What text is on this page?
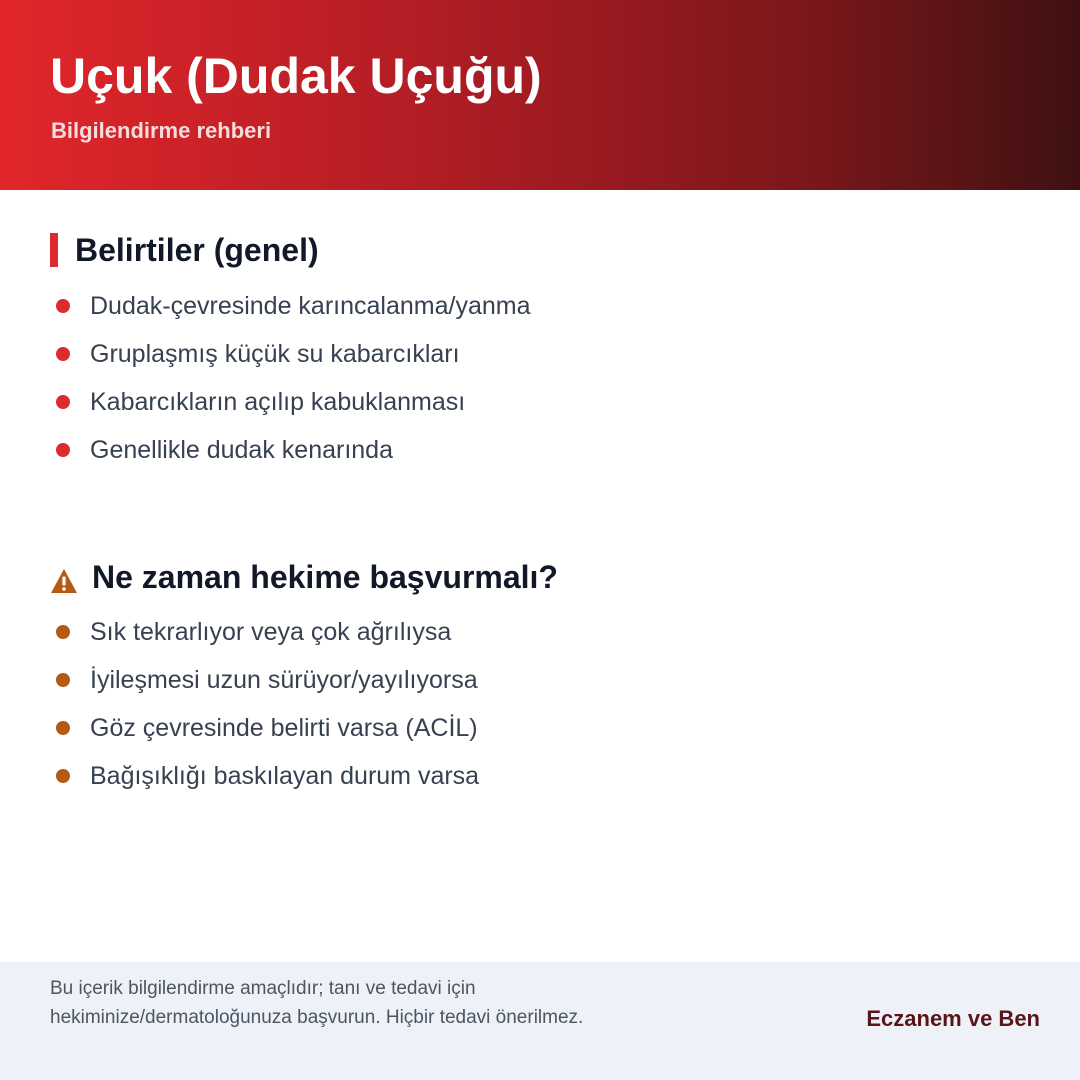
Uçuk (Dudak Uçuğu)
Bilgilendirme rehberi
Belirtiler (genel)
Dudak-çevresinde karıncalanma/yanma
Gruplaşmış küçük su kabarcıkları
Kabarcıkların açılıp kabuklanması
Genellikle dudak kenarında
Ne zaman hekime başvurmalı?
Sık tekrarlıyor veya çok ağrılıysa
İyileşmesi uzun sürüyor/yayılıyorsa
Göz çevresinde belirti varsa (ACİL)
Bağışıklığı baskılayan durum varsa
Bu içerik bilgilendirme amaçlıdır; tanı ve tedavi için
hekiminize/dermatoloğunuza başvurun. Hiçbir tedavi önerilmez.	Eczanem ve Ben
